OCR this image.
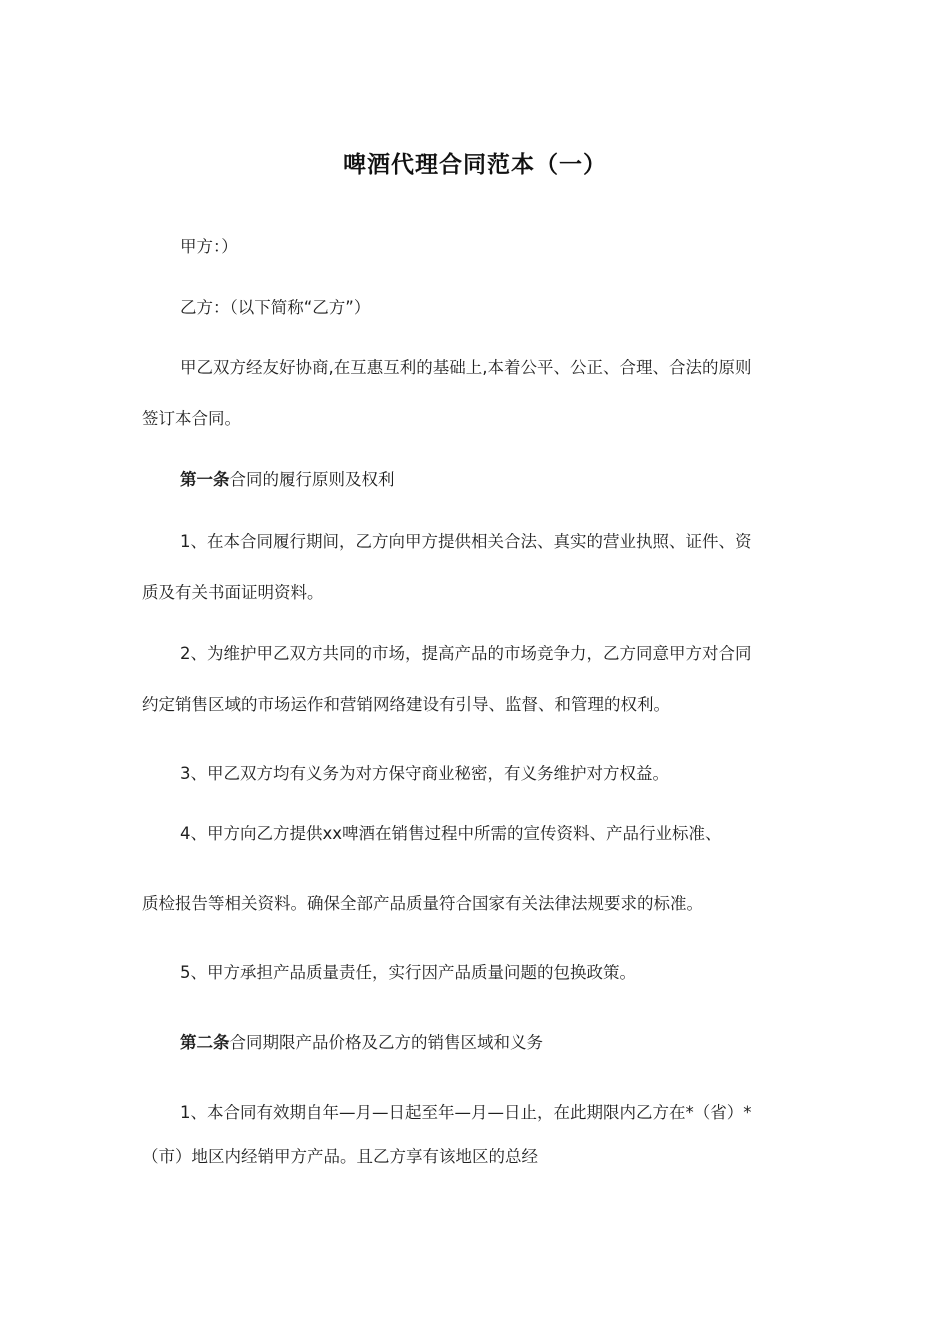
啤酒代理合同范本（一）
甲方：）
乙方：（以下简称“乙方”）
甲乙双方经友好协商,在互惠互利的基础上,本着公平、公正、合理、合法的原则
签订本合同。
第一条合同的履行原则及权利
1、在本合同履行期间，乙方向甲方提供相关合法、真实的营业执照、证件、资
质及有关书面证明资料。
2、为维护甲乙双方共同的市场，提高产品的市场竞争力，乙方同意甲方对合同
约定销售区域的市场运作和营销网络建设有引导、监督、和管理的权利。
3、甲乙双方均有义务为对方保守商业秘密，有义务维护对方权益。
4、甲方向乙方提供xx啤酒在销售过程中所需的宣传资料、产品行业标准、
质检报告等相关资料。确保全部产品质量符合国家有关法律法规要求的标准。
5、甲方承担产品质量责任，实行因产品质量问题的包换政策。
第二条合同期限产品价格及乙方的销售区域和义务
1、本合同有效期自年—月—日起至年—月—日止，在此期限内乙方在*（省）*
（市）地区内经销甲方产品。且乙方享有该地区的总经
